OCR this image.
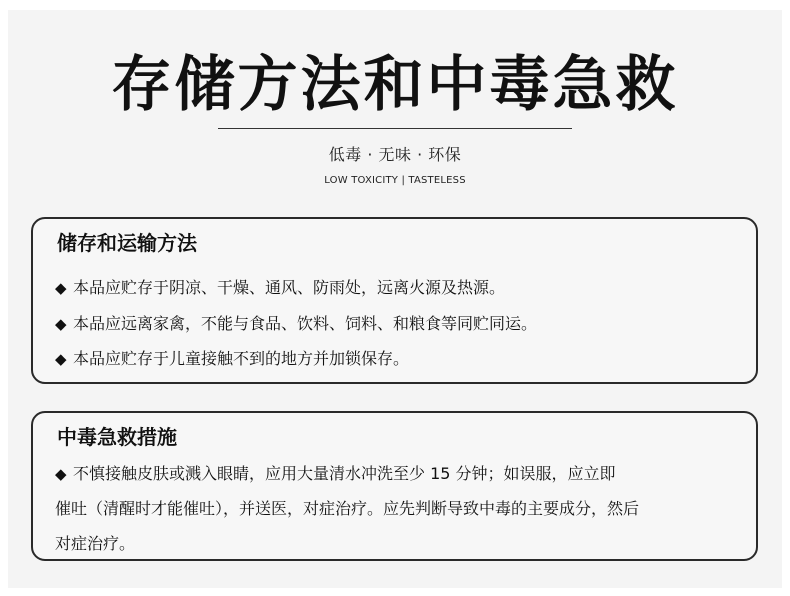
存储方法和中毒急救
低毒 · 无味 · 环保
LOW TOXICITY | TASTELESS
储存和运输方法
◆ 本品应贮存于阴凉、干燥、通风、防雨处，远离火源及热源。
◆ 本品应远离家禽，不能与食品、饮料、饲料、和粮食等同贮同运。
◆ 本品应贮存于儿童接触不到的地方并加锁保存。
中毒急救措施
◆ 不慎接触皮肤或溅入眼睛，应用大量清水冲洗至少 15 分钟；如误服，应立即
催吐（清醒时才能催吐），并送医，对症治疗。应先判断导致中毒的主要成分，然后
对症治疗。
